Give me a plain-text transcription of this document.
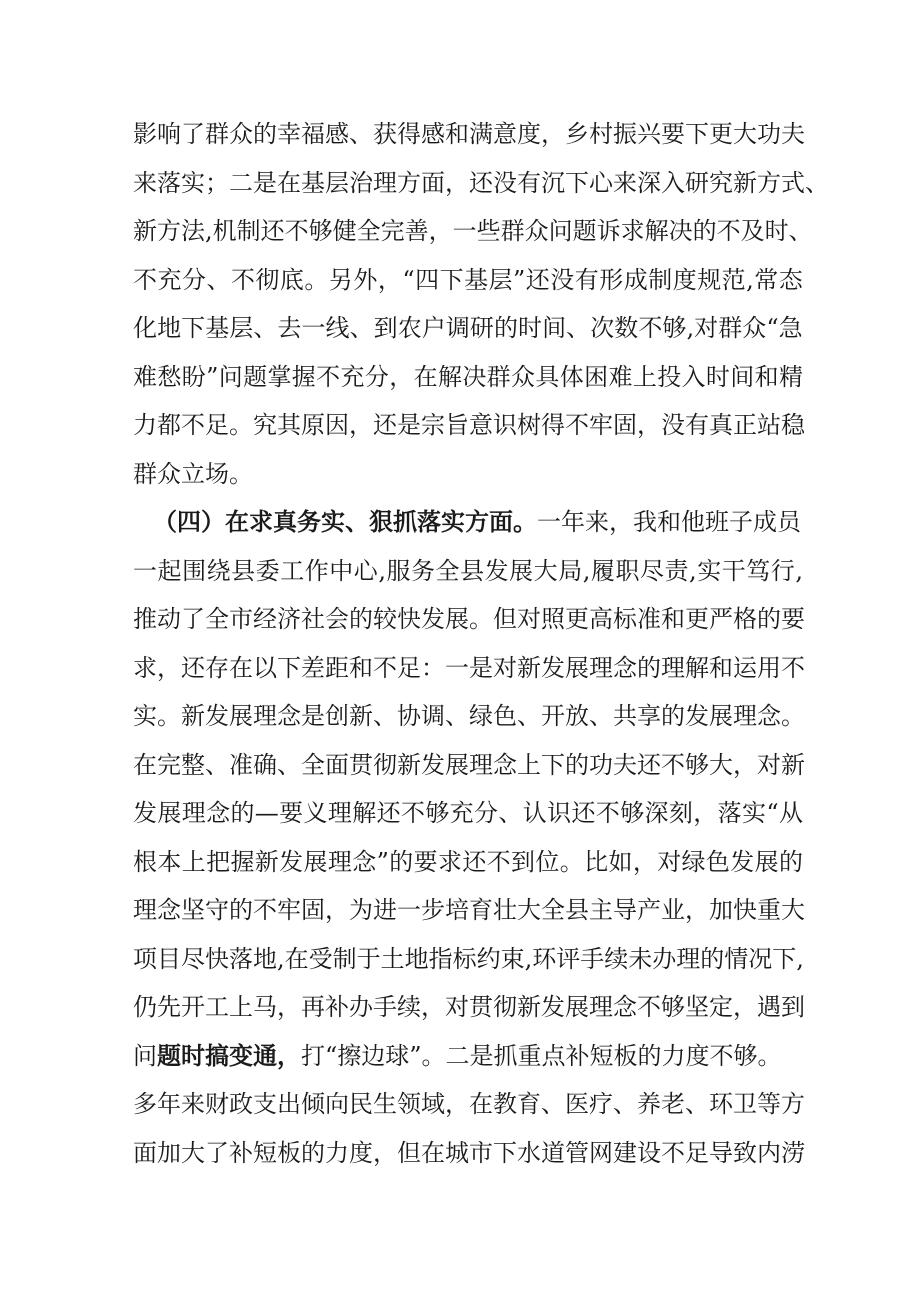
影 响 了 群 众 的 幸 福 感 、 获 得 感 和 满 意 度 ， 乡 村 振 兴 要 下 更 大 功 夫
来 落 实 ； 二 是 在 基 层 治 理 方 面 ， 还 没 有 沉 下 心 来 深 入 研 究 新 方 式 、
新 方 法 , 机 制 还 不 够 健 全 完 善 ， 一 些 群 众 问 题 诉 求 解 决 的 不 及 时 、
不 充 分 、 不 彻 底 。 另 外 ， “ 四 下 基 层 ” 还 没 有 形 成 制 度 规 范 , 常 态
化 地 下 基 层 、 去 一 线 、 到 农 户 调 研 的 时 间 、 次 数 不 够 , 对 群 众 “ 急
难 愁 盼 ” 问 题 掌 握 不 充 分 ， 在 解 决 群 众 具 体 困 难 上 投 入 时 间 和 精
力 都 不 足 。 究 其 原 因 ， 还 是 宗 旨 意 识 树 得 不 牢 固 ， 没 有 真 正 站 稳
群众立场。
（四）在求真务实、狠抓落实方面。 一年来，我和他班子成员
一 起 围 绕 县 委 工 作 中 心 , 服 务 全 县 发 展 大 局 , 履 职 尽 责 , 实 干 笃 行 ,
推 动 了 全 市 经 济 社 会 的 较 快 发 展 。 但 对 照 更 高 标 准 和 更 严 格 的 要
求 ， 还 存 在 以 下 差 距 和 不 足 ： 一 是 对 新 发 展 理 念 的 理 解 和 运 用 不
实 。 新 发 展 理 念 是 创 新 、 协 调 、 绿 色 、 开 放 、 共 享 的 发 展 理 念 。
在 完 整 、 准 确 、 全 面 贯 彻 新 发 展 理 念 上 下 的 功 夫 还 不 够 大 ， 对 新
发 展 理 念 的 — 要 义 理 解 还 不 够 充 分 、 认 识 还 不 够 深 刻 ， 落 实 “ 从
根 本 上 把 握 新 发 展 理 念 ” 的 要 求 还 不 到 位 。 比 如 ， 对 绿 色 发 展 的
理 念 坚 守 的 不 牢 固 ， 为 进 一 步 培 育 壮 大 全 县 主 导 产 业 ， 加 快 重 大
项 目 尽 快 落 地 , 在 受 制 于 土 地 指 标 约 束 , 环 评 手 续 未 办 理 的 情 况 下 ,
仍 先 开 工 上 马 ， 再 补 办 手 续 ， 对 贯 彻 新 发 展 理 念 不 够 坚 定 ， 遇 到
问 题时搞变通， 打“擦边球”。二是抓重点补短板的力度不够。
多 年 来 财 政 支 出 倾 向 民 生 领 域 ， 在 教 育 、 医 疗 、 养 老 、 环 卫 等 方
面 加 大 了 补 短 板 的 力 度 ， 但 在 城 市 下 水 道 管 网 建 设 不 足 导 致 内 涝
